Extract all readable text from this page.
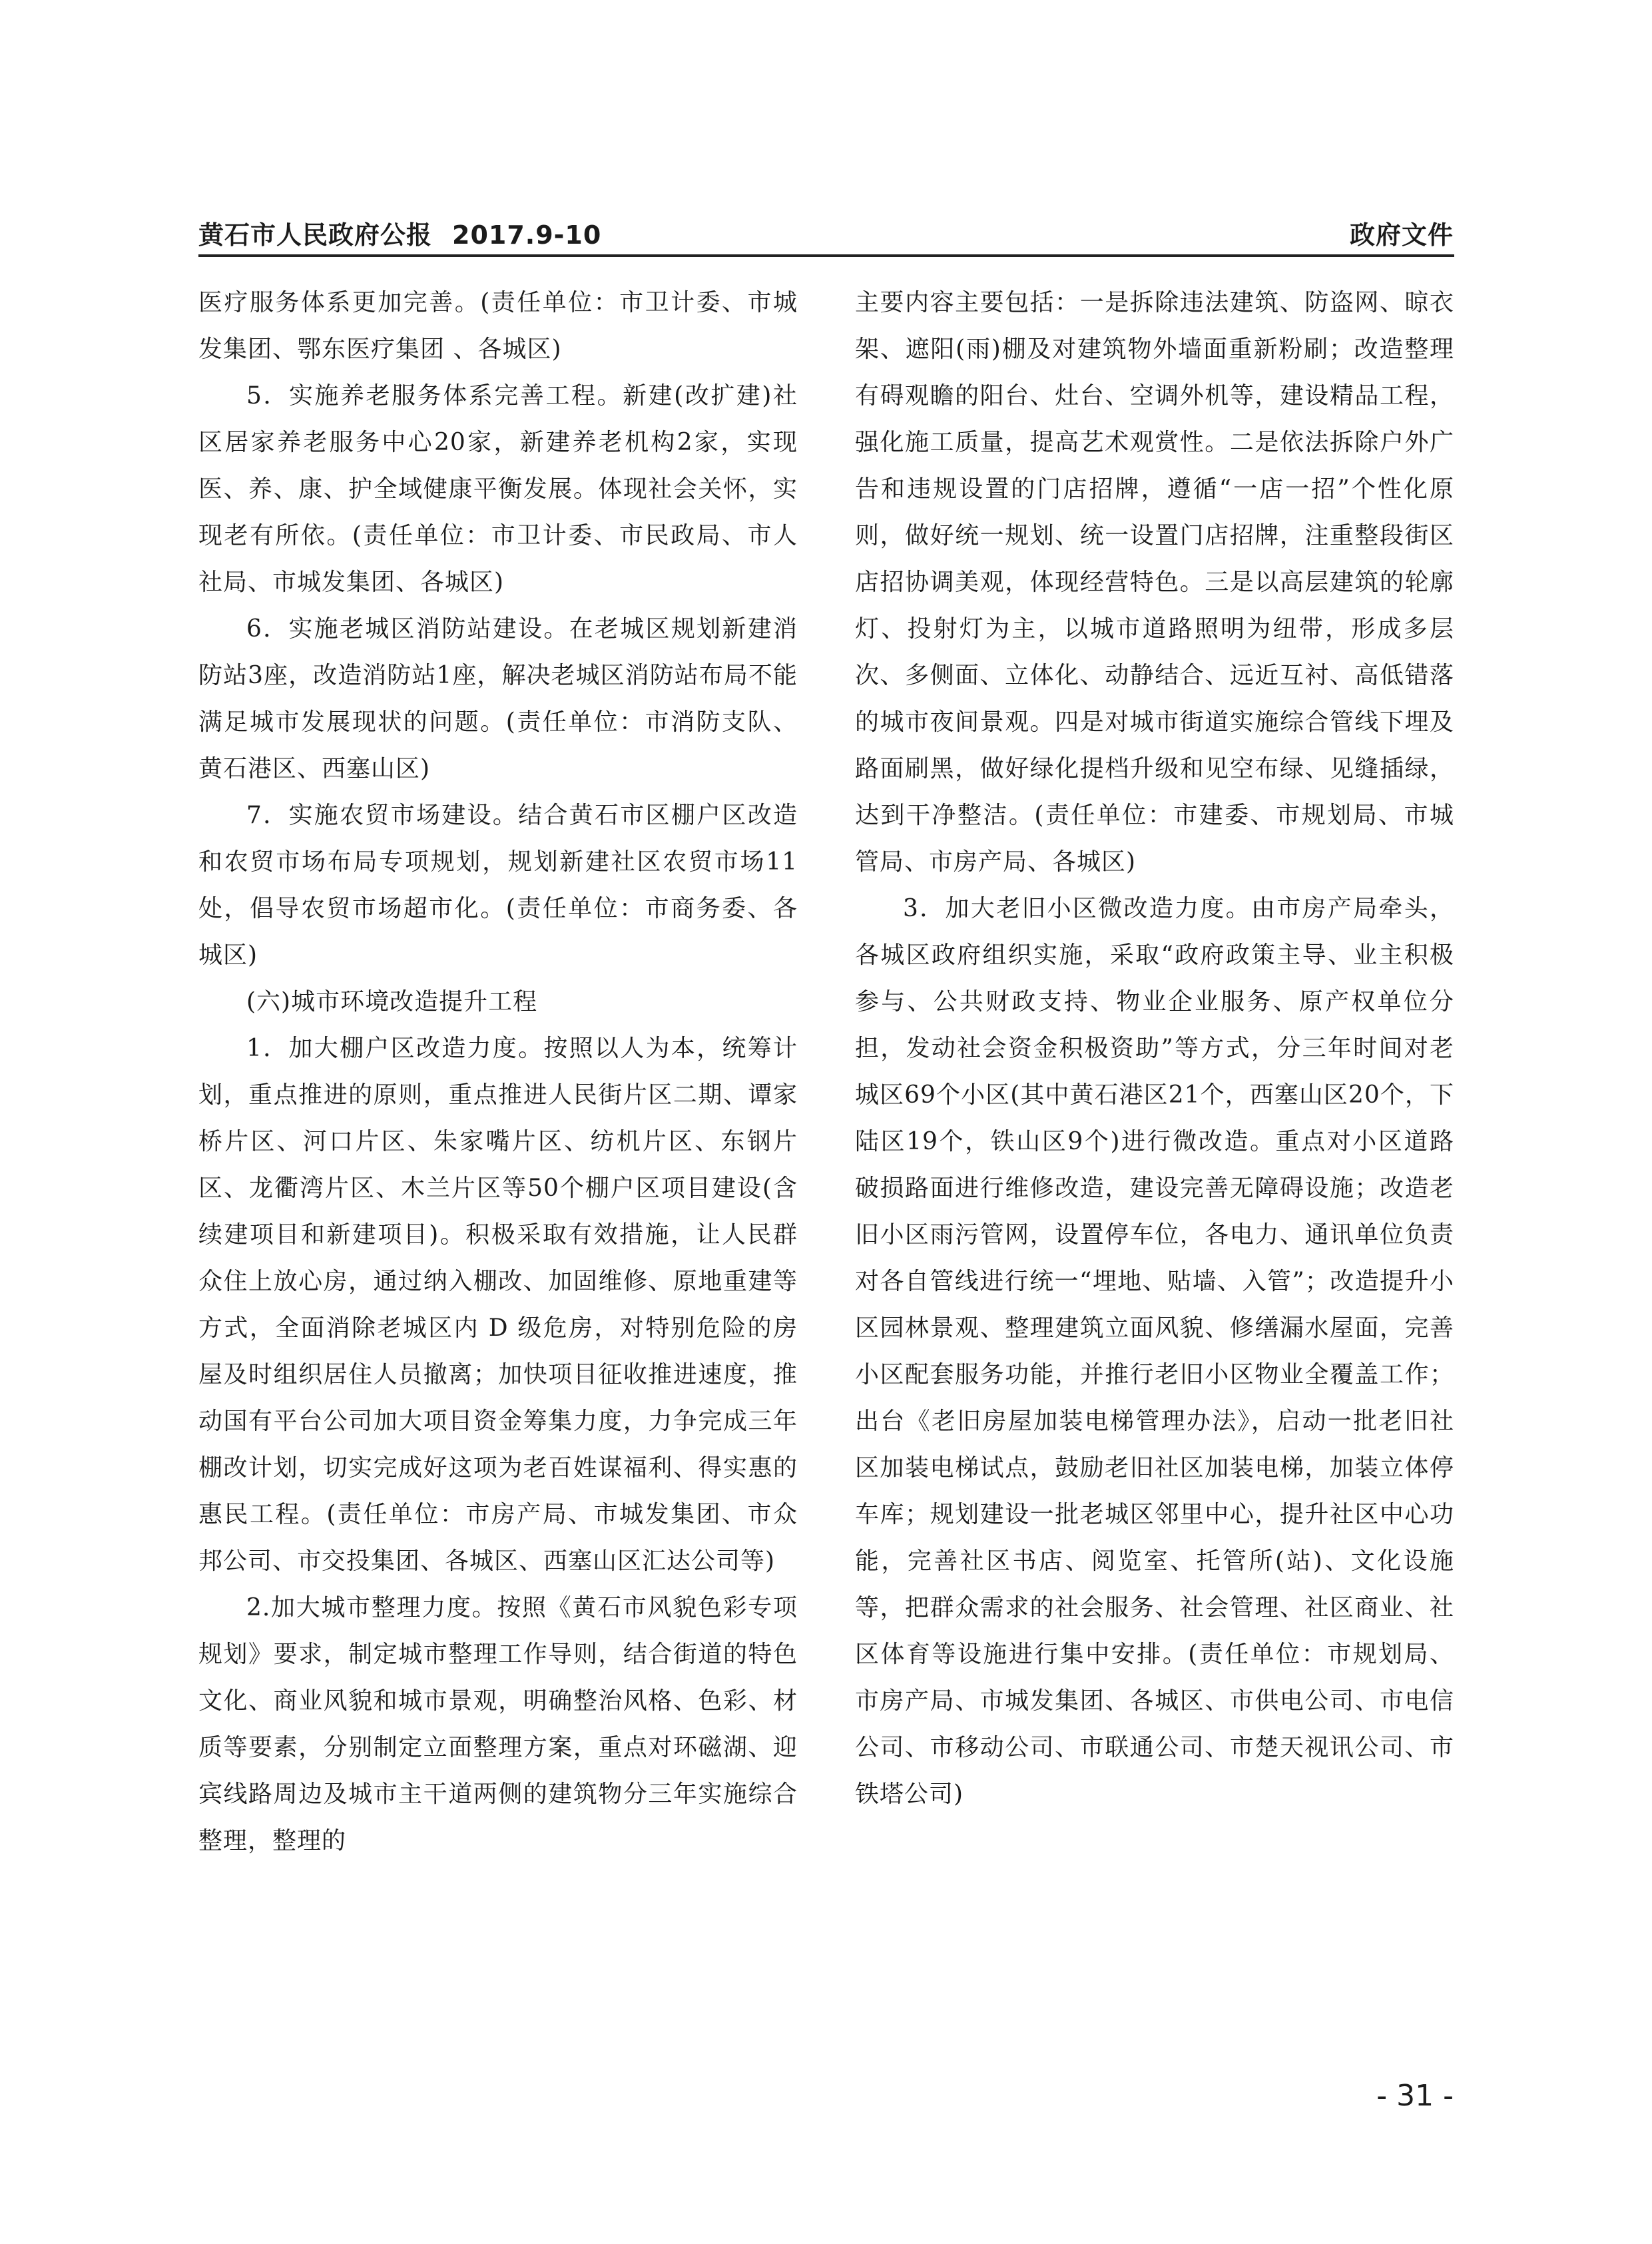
黄石市人民政府公报 2017.9-10	政府文件

医疗服务体系更加完善。(责任单位：市卫计委、市城发集团、鄂东医疗集团 、各城区)

5．实施养老服务体系完善工程。新建(改扩建)社区居家养老服务中心20家，新建养老机构2家，实现医、养、康、护全域健康平衡发展。体现社会关怀，实现老有所依。(责任单位：市卫计委、市民政局、市人社局、市城发集团、各城区)

6．实施老城区消防站建设。在老城区规划新建消防站3座，改造消防站1座，解决老城区消防站布局不能满足城市发展现状的问题。(责任单位：市消防支队、黄石港区、西塞山区)

7．实施农贸市场建设。结合黄石市区棚户区改造和农贸市场布局专项规划，规划新建社区农贸市场11处，倡导农贸市场超市化。(责任单位：市商务委、各城区)

(六)城市环境改造提升工程

1．加大棚户区改造力度。按照以人为本，统筹计划，重点推进的原则，重点推进人民街片区二期、谭家桥片区、河口片区、朱家嘴片区、纺机片区、东钢片区、龙衢湾片区、木兰片区等50个棚户区项目建设(含续建项目和新建项目)。积极采取有效措施，让人民群众住上放心房，通过纳入棚改、加固维修、原地重建等方式，全面消除老城区内 D 级危房，对特别危险的房屋及时组织居住人员撤离；加快项目征收推进速度，推动国有平台公司加大项目资金筹集力度，力争完成三年棚改计划，切实完成好这项为老百姓谋福利、得实惠的惠民工程。(责任单位：市房产局、市城发集团、市众邦公司、市交投集团、各城区、西塞山区汇达公司等)

2.加大城市整理力度。按照《黄石市风貌色彩专项规划》要求，制定城市整理工作导则，结合街道的特色文化、商业风貌和城市景观，明确整治风格、色彩、材质等要素，分别制定立面整理方案，重点对环磁湖、迎宾线路周边及城市主干道两侧的建筑物分三年实施综合整理，整理的

主要内容主要包括：一是拆除违法建筑、防盗网、晾衣架、遮阳(雨)棚及对建筑物外墙面重新粉刷；改造整理有碍观瞻的阳台、灶台、空调外机等，建设精品工程，强化施工质量，提高艺术观赏性。二是依法拆除户外广告和违规设置的门店招牌，遵循“一店一招”个性化原则，做好统一规划、统一设置门店招牌，注重整段街区店招协调美观，体现经营特色。三是以高层建筑的轮廓灯、投射灯为主，以城市道路照明为纽带，形成多层次、多侧面、立体化、动静结合、远近互衬、高低错落的城市夜间景观。四是对城市街道实施综合管线下埋及路面刷黑，做好绿化提档升级和见空布绿、见缝插绿，达到干净整洁。(责任单位：市建委、市规划局、市城管局、市房产局、各城区)

3．加大老旧小区微改造力度。由市房产局牵头，各城区政府组织实施，采取“政府政策主导、业主积极参与、公共财政支持、物业企业服务、原产权单位分担，发动社会资金积极资助”等方式，分三年时间对老城区69个小区(其中黄石港区21个，西塞山区20个，下陆区19个，铁山区9个)进行微改造。重点对小区道路破损路面进行维修改造，建设完善无障碍设施；改造老旧小区雨污管网，设置停车位，各电力、通讯单位负责对各自管线进行统一“埋地、贴墙、入管”；改造提升小区园林景观、整理建筑立面风貌、修缮漏水屋面，完善小区配套服务功能，并推行老旧小区物业全覆盖工作；出台《老旧房屋加装电梯管理办法》，启动一批老旧社区加装电梯试点，鼓励老旧社区加装电梯，加装立体停车库；规划建设一批老城区邻里中心，提升社区中心功能，完善社区书店、阅览室、托管所(站)、文化设施等，把群众需求的社会服务、社会管理、社区商业、社区体育等设施进行集中安排。(责任单位：市规划局、市房产局、市城发集团、各城区、市供电公司、市电信公司、市移动公司、市联通公司、市楚天视讯公司、市铁塔公司)

- 31 -
